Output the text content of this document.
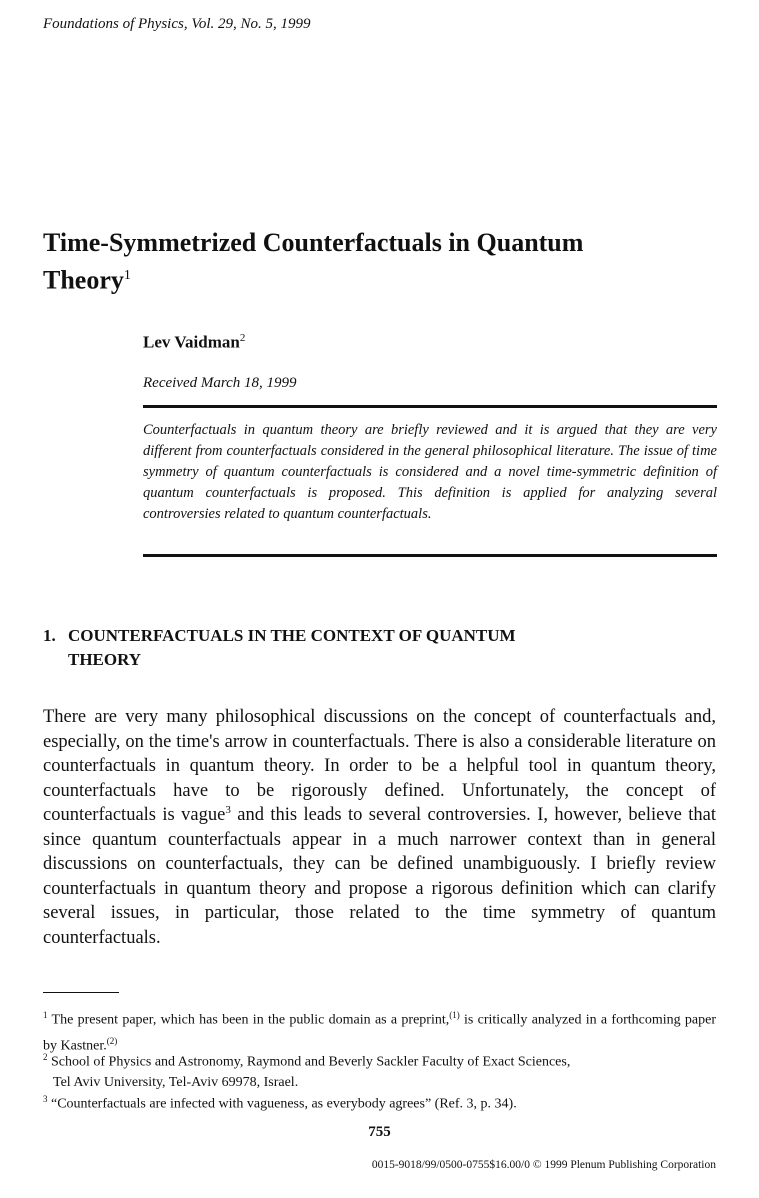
Foundations of Physics, Vol. 29, No. 5, 1999
Time-Symmetrized Counterfactuals in Quantum
Theory$^1$
Lev Vaidman$^2$
Received March 18, 1999
Counterfactuals in quantum theory are briefly reviewed and it is argued that they are very different from counterfactuals considered in the general philosophical literature. The issue of time symmetry of quantum counterfactuals is considered and a novel time-symmetric definition of quantum counterfactuals is proposed. This definition is applied for analyzing several controversies related to quantum counterfactuals.
1. COUNTERFACTUALS IN THE CONTEXT OF QUANTUM

THEORY
There are very many philosophical discussions on the concept of counterfactuals and, especially, on the time's arrow in counterfactuals. There is also a considerable literature on counterfactuals in quantum theory. In order to be a helpful tool in quantum theory, counterfactuals have to be rigorously defined. Unfortunately, the concept of counterfactuals is vague$^3$ and this leads to several controversies. I, however, believe that since quantum counterfactuals appear in a much narrower context than in general discussions on counterfactuals, they can be defined unambiguously. I briefly review counterfactuals in quantum theory and propose a rigorous definition which can clarify several issues, in particular, those related to the time symmetry of quantum counterfactuals.
$^1$ The present paper, which has been in the public domain as a preprint,$^{(1)}$ is critically analyzed in a forthcoming paper by Kastner.$^{(2)}$
$^2$ School of Physics and Astronomy, Raymond and Beverly Sackler Faculty of Exact Sciences,
Tel Aviv University, Tel-Aviv 69978, Israel.
$^3$ “Counterfactuals are infected with vagueness, as everybody agrees” (Ref. 3, p. 34).
755
0015-9018/99/0500-0755$16.00/0 © 1999 Plenum Publishing Corporation
